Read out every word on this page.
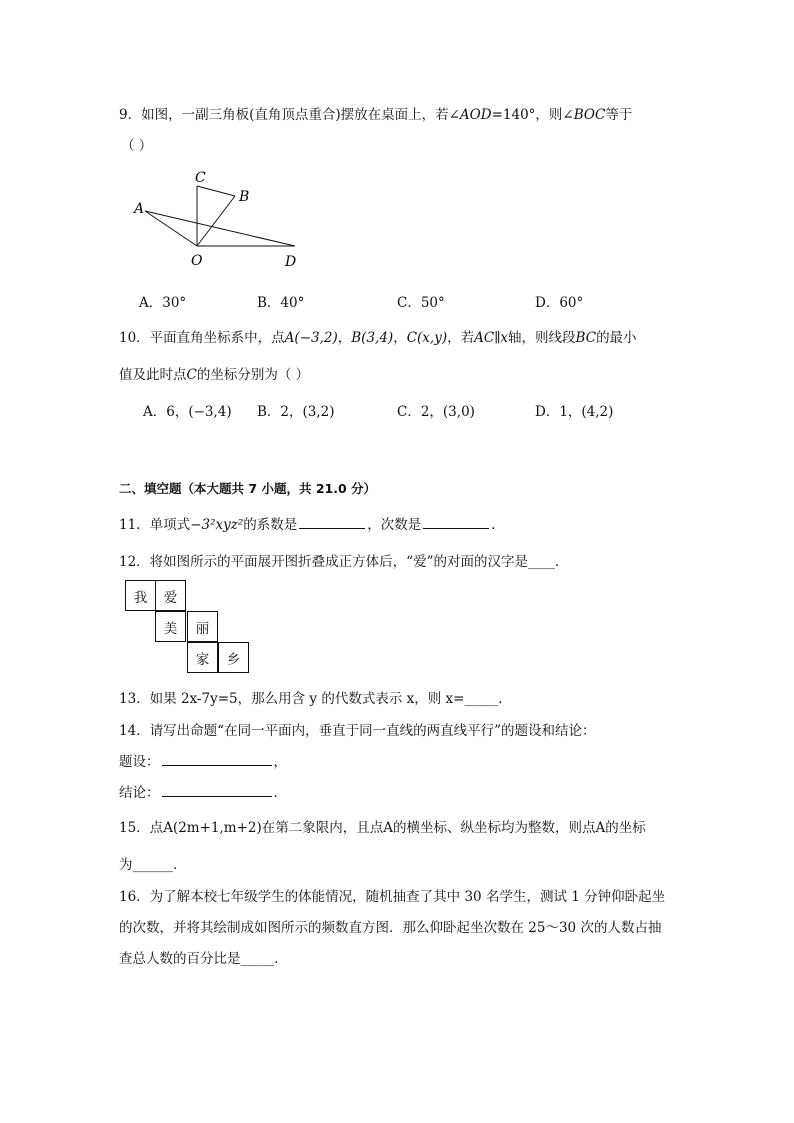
9．如图，一副三角板(直角顶点重合)摆放在桌面上，若∠AOD=140°，则∠BOC等于
（ ）
A
C
B
O	D
A．30°	B．40°	C．50°	D．60°
10．平面直角坐标系中，点A(−3,2)，B(3,4)，C(x,y)，若AC∥x轴，则线段BC的最小
值及此时点C的坐标分别为（ ）
A．6，(−3,4) B．2，(3,2)	C．2，(3,0)	D．1，(4,2)
二、填空题（本大题共 7 小题，共 21.0 分）
11．单项式−3²xyz²的系数是	，次数是	．
12．将如图所示的平面展开图折叠成正方体后，“爱”的对面的汉字是____．
我	爱
美	丽
家	乡
13．如果 2x-7y=5，那么用含 y 的代数式表示 x，则 x=_____．
14．请写出命题“在同一平面内，垂直于同一直线的两直线平行”的题设和结论：
题设：	，
结论：	．
15．点A(2m+1,m+2)在第二象限内，且点A的横坐标、纵坐标均为整数，则点A的坐标
为______．
16．为了解本校七年级学生的体能情况，随机抽查了其中 30 名学生，测试 1 分钟仰卧起坐
的次数，并将其绘制成如图所示的频数直方图．那么仰卧起坐次数在 25～30 次的人数占抽
查总人数的百分比是_____．
